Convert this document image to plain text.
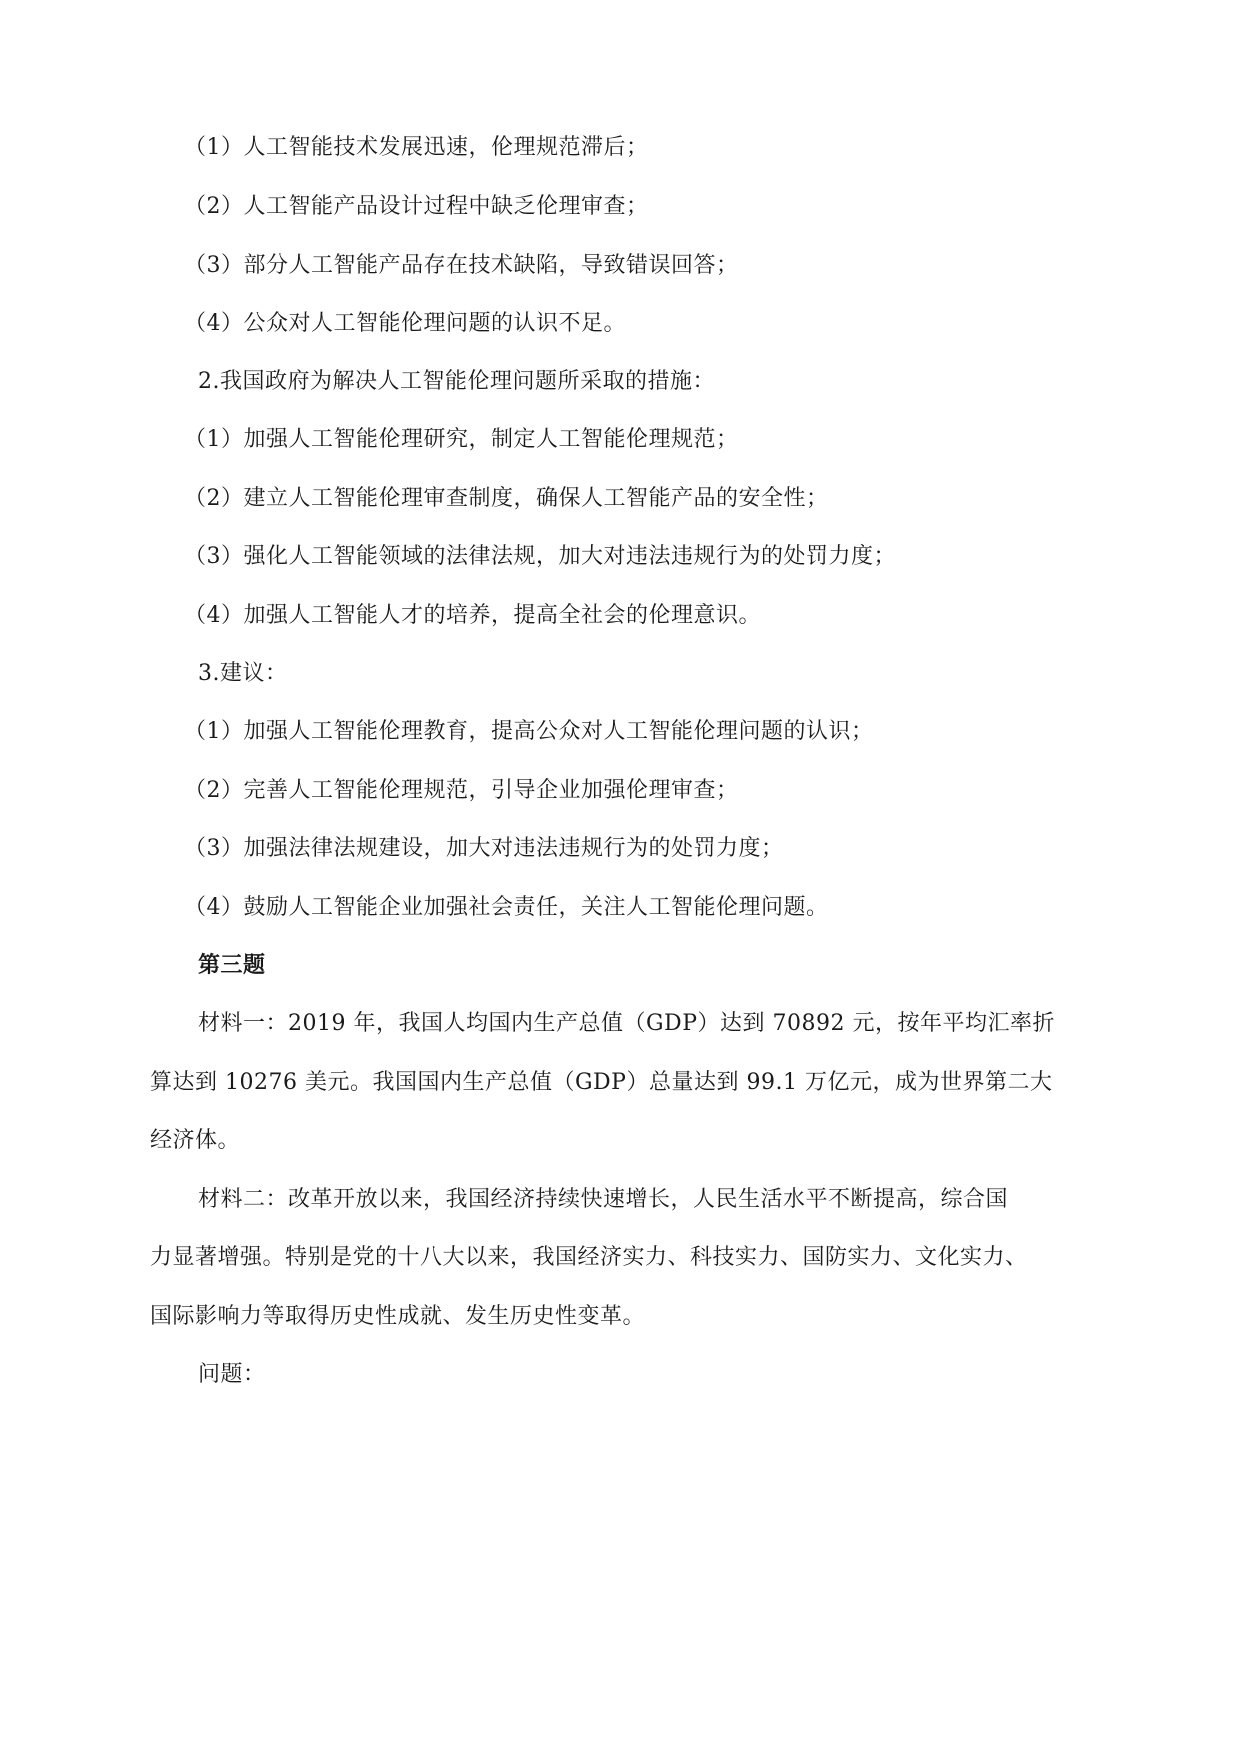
（1）人工智能技术发展迅速，伦理规范滞后；
（2）人工智能产品设计过程中缺乏伦理审查；
（3）部分人工智能产品存在技术缺陷，导致错误回答；
（4）公众对人工智能伦理问题的认识不足。
2.我国政府为解决人工智能伦理问题所采取的措施：
（1）加强人工智能伦理研究，制定人工智能伦理规范；
（2）建立人工智能伦理审查制度，确保人工智能产品的安全性；
（3）强化人工智能领域的法律法规，加大对违法违规行为的处罚力度；
（4）加强人工智能人才的培养，提高全社会的伦理意识。
3.建议：
（1）加强人工智能伦理教育，提高公众对人工智能伦理问题的认识；
（2）完善人工智能伦理规范，引导企业加强伦理审查；
（3）加强法律法规建设，加大对违法违规行为的处罚力度；
（4）鼓励人工智能企业加强社会责任，关注人工智能伦理问题。
第三题
材料一：2019 年，我国人均国内生产总值（GDP）达到 70892 元，按年平均汇率折
算达到 10276 美元。我国国内生产总值（GDP）总量达到 99.1 万亿元，成为世界第二大
经济体。
材料二：改革开放以来，我国经济持续快速增长，人民生活水平不断提高，综合国
力显著增强。特别是党的十八大以来，我国经济实力、科技实力、国防实力、文化实力、
国际影响力等取得历史性成就、发生历史性变革。
问题：
